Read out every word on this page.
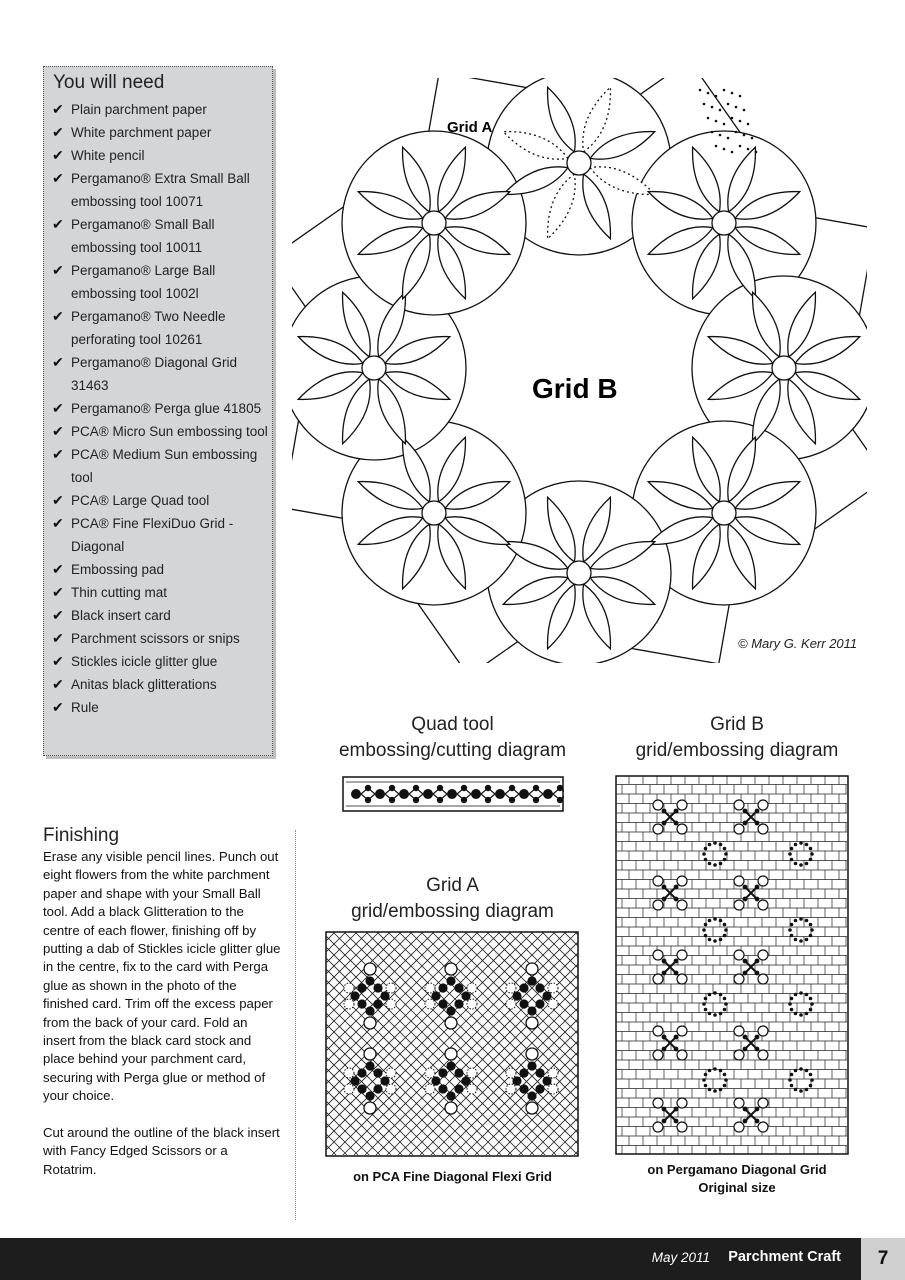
You will need
✔ Plain parchment paper
✔ White parchment paper
✔ White pencil
✔ Pergamano® Extra Small Ball embossing tool 10071
✔ Pergamano® Small Ball embossing tool 10011
✔ Pergamano® Large Ball embossing tool 1002l
✔ Pergamano® Two Needle perforating tool 10261
✔ Pergamano® Diagonal Grid 31463
✔ Pergamano® Perga glue 41805
✔ PCA® Micro Sun embossing tool
✔ PCA® Medium Sun embossing tool
✔ PCA® Large Quad tool
✔ PCA® Fine FlexiDuo Grid - Diagonal
✔ Embossing pad
✔ Thin cutting mat
✔ Black insert card
✔ Parchment scissors or snips
✔ Stickles icicle glitter glue
✔ Anitas black glitterations
✔ Rule
Grid A
Grid B
© Mary G. Kerr 2011
Quad tool
embossing/cutting diagram
Grid B
grid/embossing diagram
on Pergamano Diagonal Grid
Original size
Grid A
grid/embossing diagram
on PCA Fine Diagonal Flexi Grid
Finishing

Erase any visible pencil lines. Punch out eight flowers from the white parchment paper and shape with your Small Ball tool. Add a black Glitteration to the centre of each flower, finishing off by putting a dab of Stickles icicle glitter glue in the centre, fix to the card with Perga glue as shown in the photo of the finished card. Trim off the excess paper from the back of your card. Fold an insert from the black card stock and place behind your parchment card, securing with Perga glue or method of your choice.

Cut around the outline of the black insert with Fancy Edged Scissors or a Rotatrim.

May 2011 Parchment Craft	7
